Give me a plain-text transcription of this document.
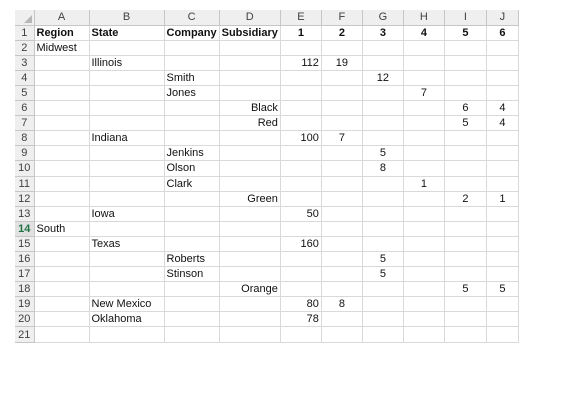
	A	B	C	D	E	F	G	H	I	J
1	Region	State	Company	Subsidiary	1	2	3	4	5	6
2	Midwest									
3		Illinois			112	19				
4			Smith				12			
5			Jones					7		
6				Black					6	4
7				Red					5	4
8		Indiana			100	7				
9			Jenkins				5			
10			Olson				8			
11			Clark					1		
12				Green					2	1
13		Iowa			50					
14	South									
15		Texas			160					
16			Roberts				5			
17			Stinson				5			
18				Orange					5	5
19		New Mexico			80	8				
20		Oklahoma			78					
21										
